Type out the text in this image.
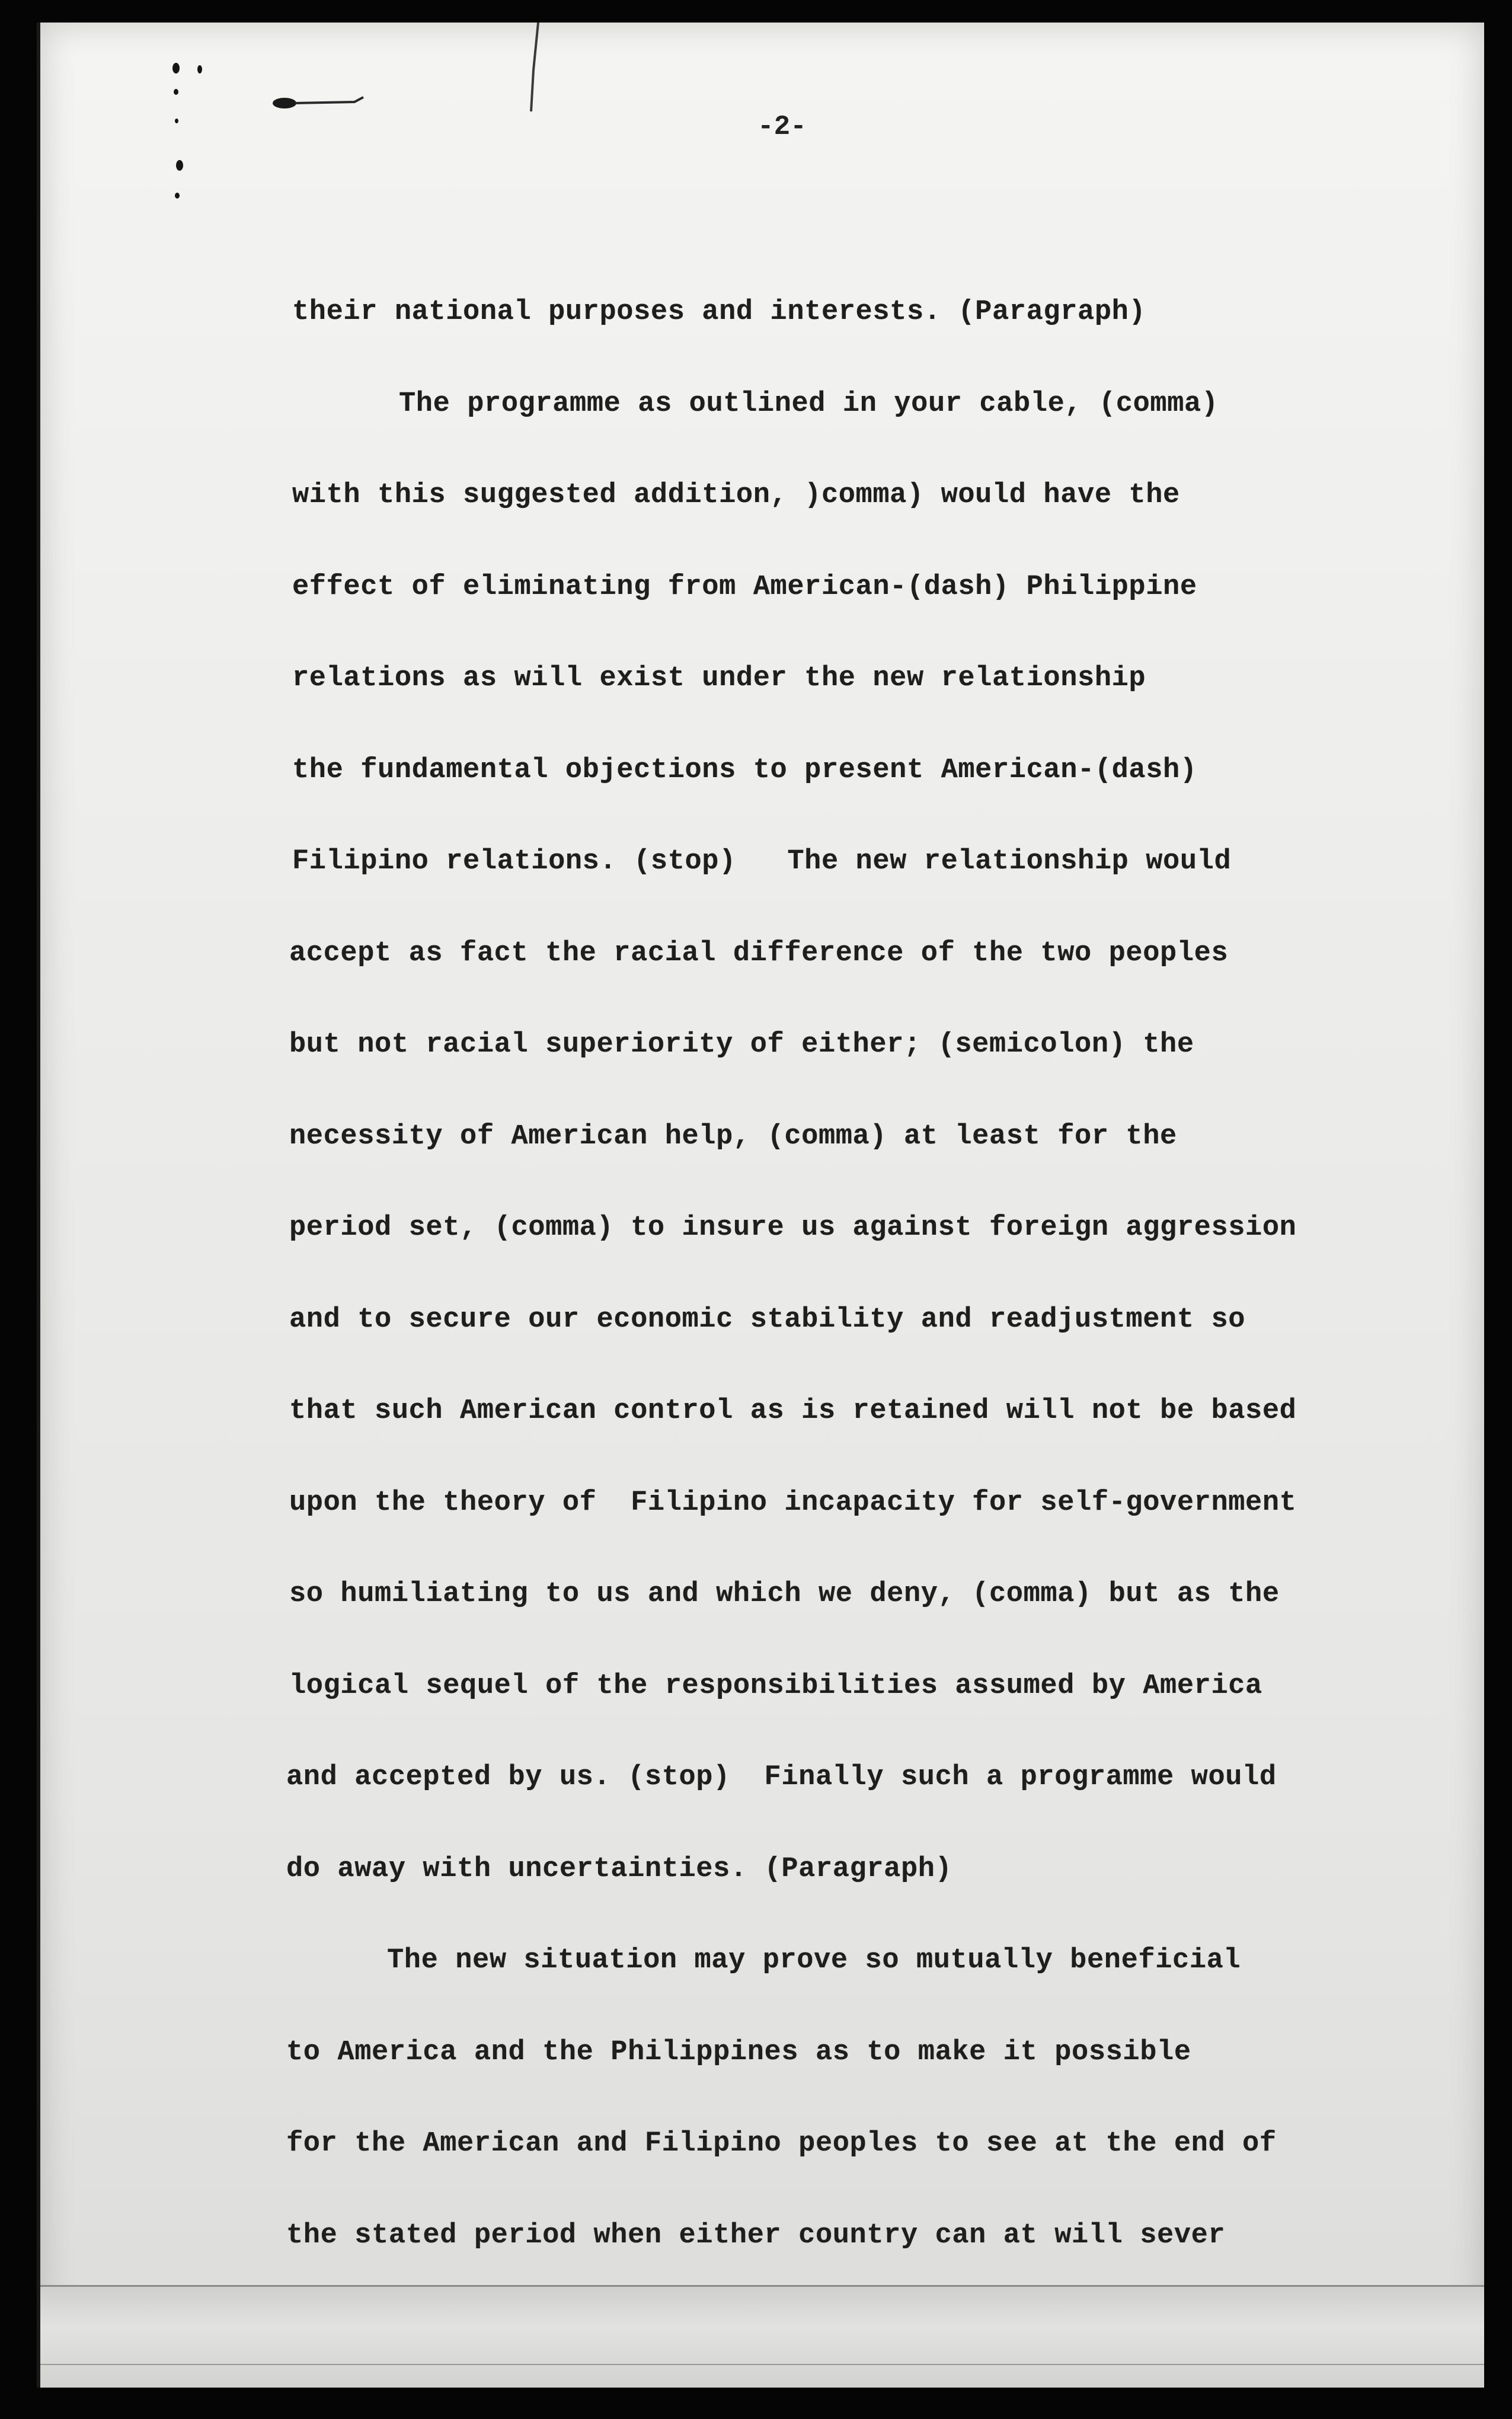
-2-
their national purposes and interests. (Paragraph)
The programme as outlined in your cable, (comma)
with this suggested addition, )comma) would have the
effect of eliminating from American-(dash) Philippine
relations as will exist under the new relationship
the fundamental objections to present American-(dash)
Filipino relations. (stop)   The new relationship would
accept as fact the racial difference of the two peoples
but not racial superiority of either; (semicolon) the
necessity of American help, (comma) at least for the
period set, (comma) to insure us against foreign aggression
and to secure our economic stability and readjustment so
that such American control as is retained will not be based
upon the theory of  Filipino incapacity for self-government
so humiliating to us and which we deny, (comma) but as the
logical sequel of the responsibilities assumed by America
and accepted by us. (stop)  Finally such a programme would
do away with uncertainties. (Paragraph)
The new situation may prove so mutually beneficial
to America and the Philippines as to make it possible
for the American and Filipino peoples to see at the end of
the stated period when either country can at will sever
